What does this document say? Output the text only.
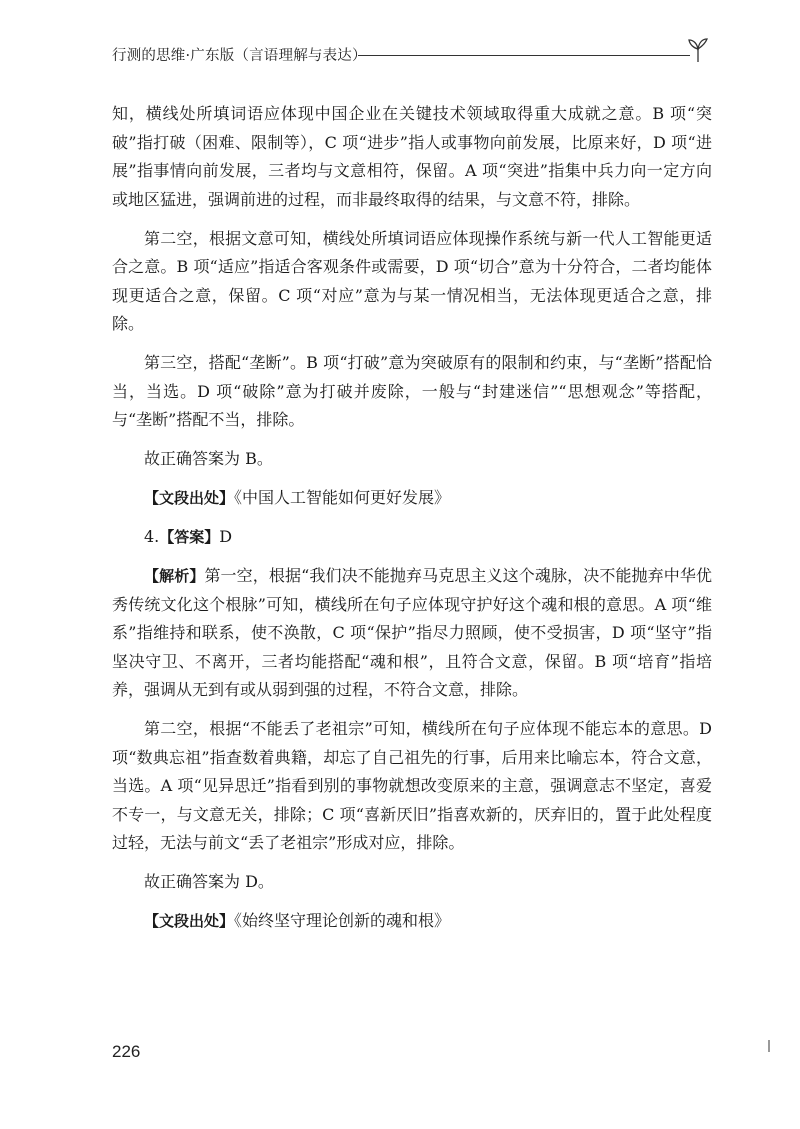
行测的思维·广东版（言语理解与表达）

知，横线处所填词语应体现中国企业在关键技术领域取得重大成就之意。B 项“突破”指打破（困难、限制等），C 项“进步”指人或事物向前发展，比原来好，D 项“进展”指事情向前发展，三者均与文意相符，保留。A 项“突进”指集中兵力向一定方向或地区猛进，强调前进的过程，而非最终取得的结果，与文意不符，排除。

第二空，根据文意可知，横线处所填词语应体现操作系统与新一代人工智能更适合之意。B 项“适应”指适合客观条件或需要，D 项“切合”意为十分符合，二者均能体现更适合之意，保留。C 项“对应”意为与某一情况相当，无法体现更适合之意，排除。

第三空，搭配“垄断”。B 项“打破”意为突破原有的限制和约束，与“垄断”搭配恰当，当选。D 项“破除”意为打破并废除，一般与“封建迷信”“思想观念”等搭配，与“垄断”搭配不当，排除。

故正确答案为 B。

【文段出处】《中国人工智能如何更好发展》

4.【答案】D

【解析】第一空，根据“我们决不能抛弃马克思主义这个魂脉，决不能抛弃中华优秀传统文化这个根脉”可知，横线所在句子应体现守护好这个魂和根的意思。A 项“维系”指维持和联系，使不涣散，C 项“保护”指尽力照顾，使不受损害，D 项“坚守”指坚决守卫、不离开，三者均能搭配“魂和根”，且符合文意，保留。B 项“培育”指培养，强调从无到有或从弱到强的过程，不符合文意，排除。

第二空，根据“不能丢了老祖宗”可知，横线所在句子应体现不能忘本的意思。D 项“数典忘祖”指查数着典籍，却忘了自己祖先的行事，后用来比喻忘本，符合文意，当选。A 项“见异思迁”指看到别的事物就想改变原来的主意，强调意志不坚定，喜爱不专一，与文意无关，排除；C 项“喜新厌旧”指喜欢新的，厌弃旧的，置于此处程度过轻，无法与前文“丢了老祖宗”形成对应，排除。

故正确答案为 D。

【文段出处】《始终坚守理论创新的魂和根》

226
